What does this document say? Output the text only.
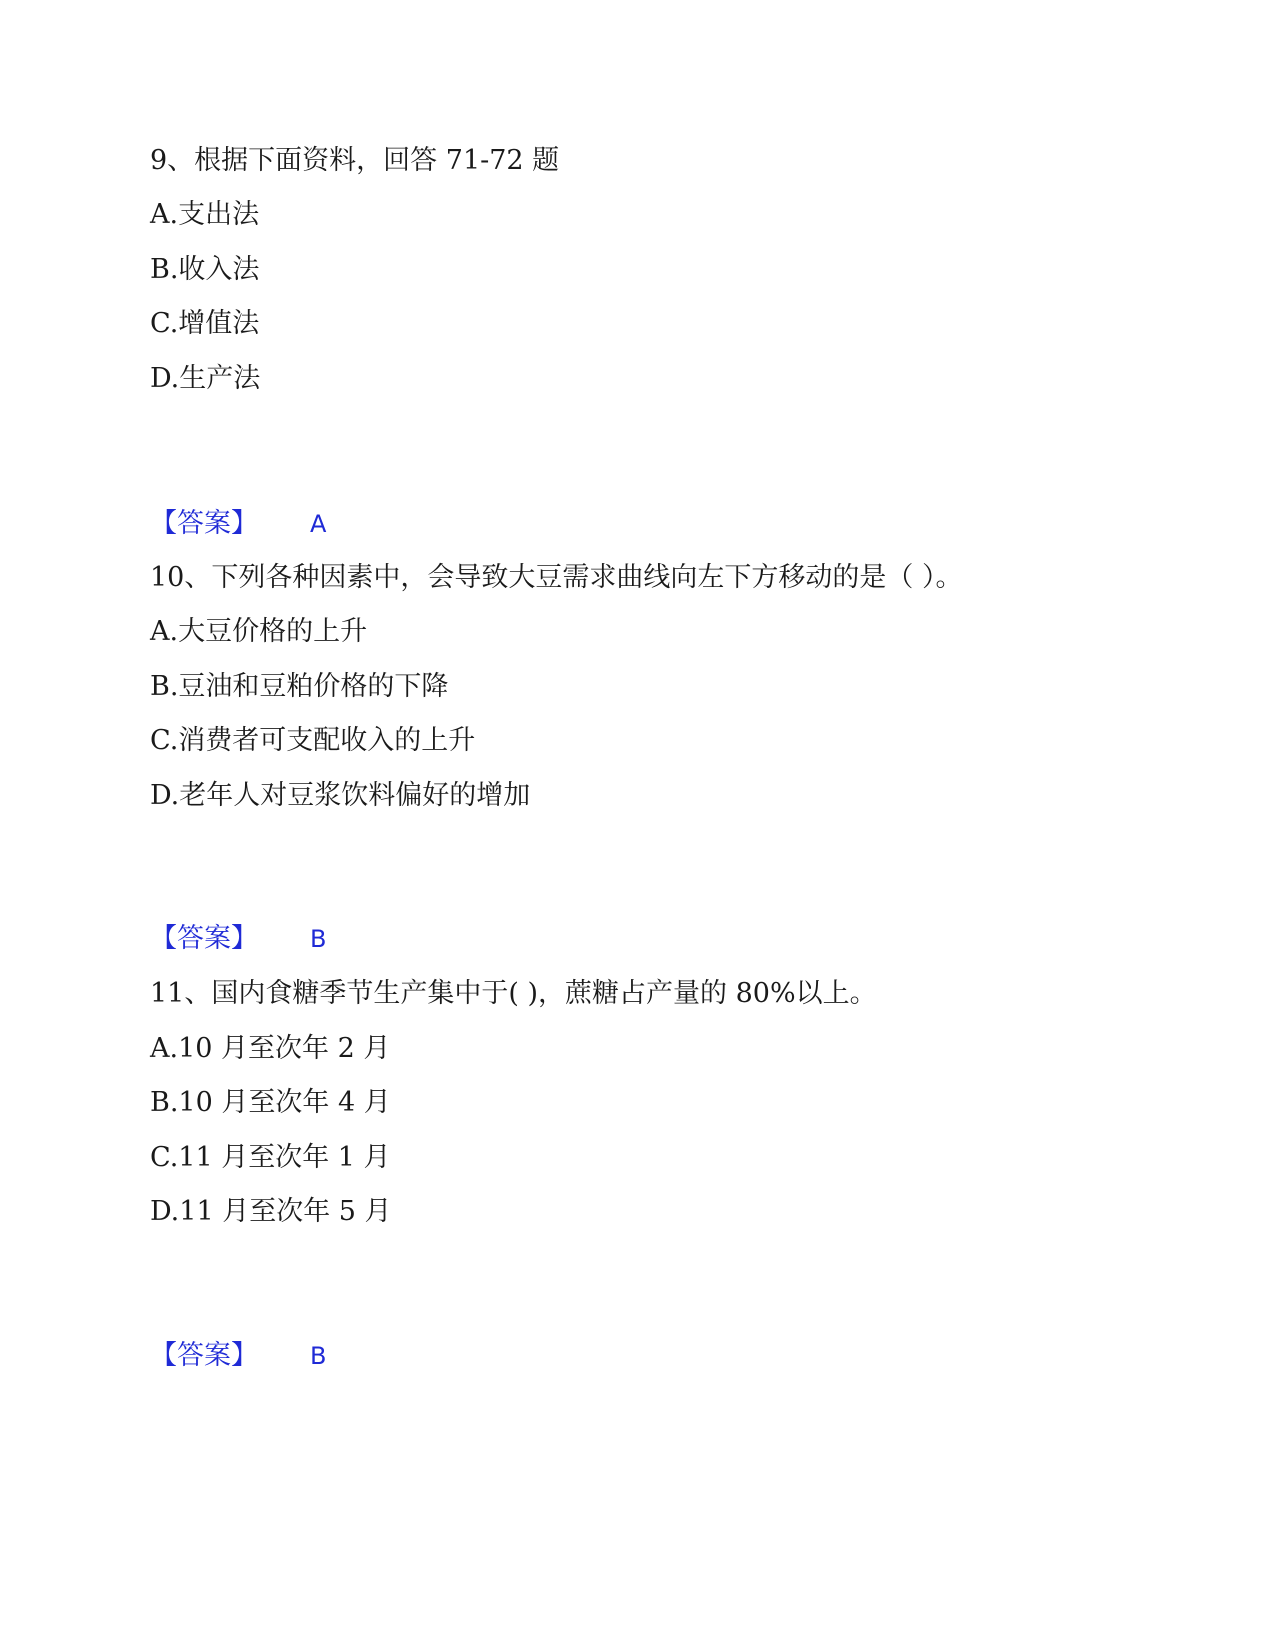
9、根据下面资料，回答 71-72 题
A.支出法
B.收入法
C.增值法
D.生产法
【答案】 A
10、下列各种因素中，会导致大豆需求曲线向左下方移动的是（ ）。
A.大豆价格的上升
B.豆油和豆粕价格的下降
C.消费者可支配收入的上升
D.老年人对豆浆饮料偏好的增加
【答案】 B
11、国内食糖季节生产集中于( )，蔗糖占产量的 80%以上。
A.10 月至次年 2 月
B.10 月至次年 4 月
C.11 月至次年 1 月
D.11 月至次年 5 月
【答案】 B
